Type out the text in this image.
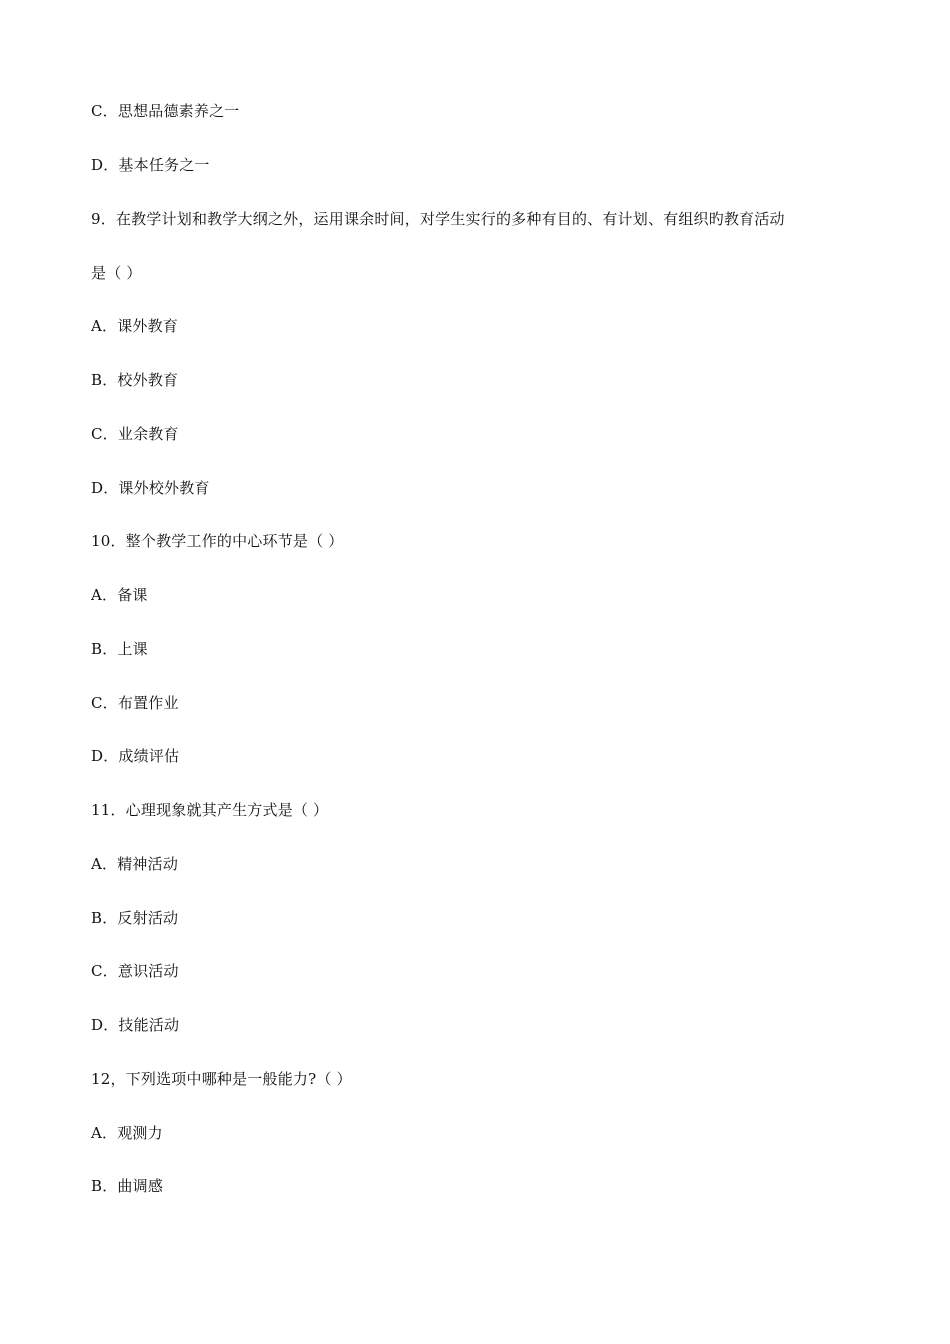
C．思想品德素养之一
D．基本任务之一
9．在教学计划和教学大纲之外，运用课余时间，对学生实行的多种有目的、有计划、有组织旳教育活动
是（ ）
A．课外教育
B．校外教育
C．业余教育
D．课外校外教育
10．整个教学工作的中心环节是（ ）
A．备课
B．上课
C．布置作业
D．成绩评估
11．心理现象就其产生方式是（ ）
A．精神活动
B．反射活动
C．意识活动
D．技能活动
12，下列选项中哪种是一般能力?（ ）
A．观测力
B．曲调感
